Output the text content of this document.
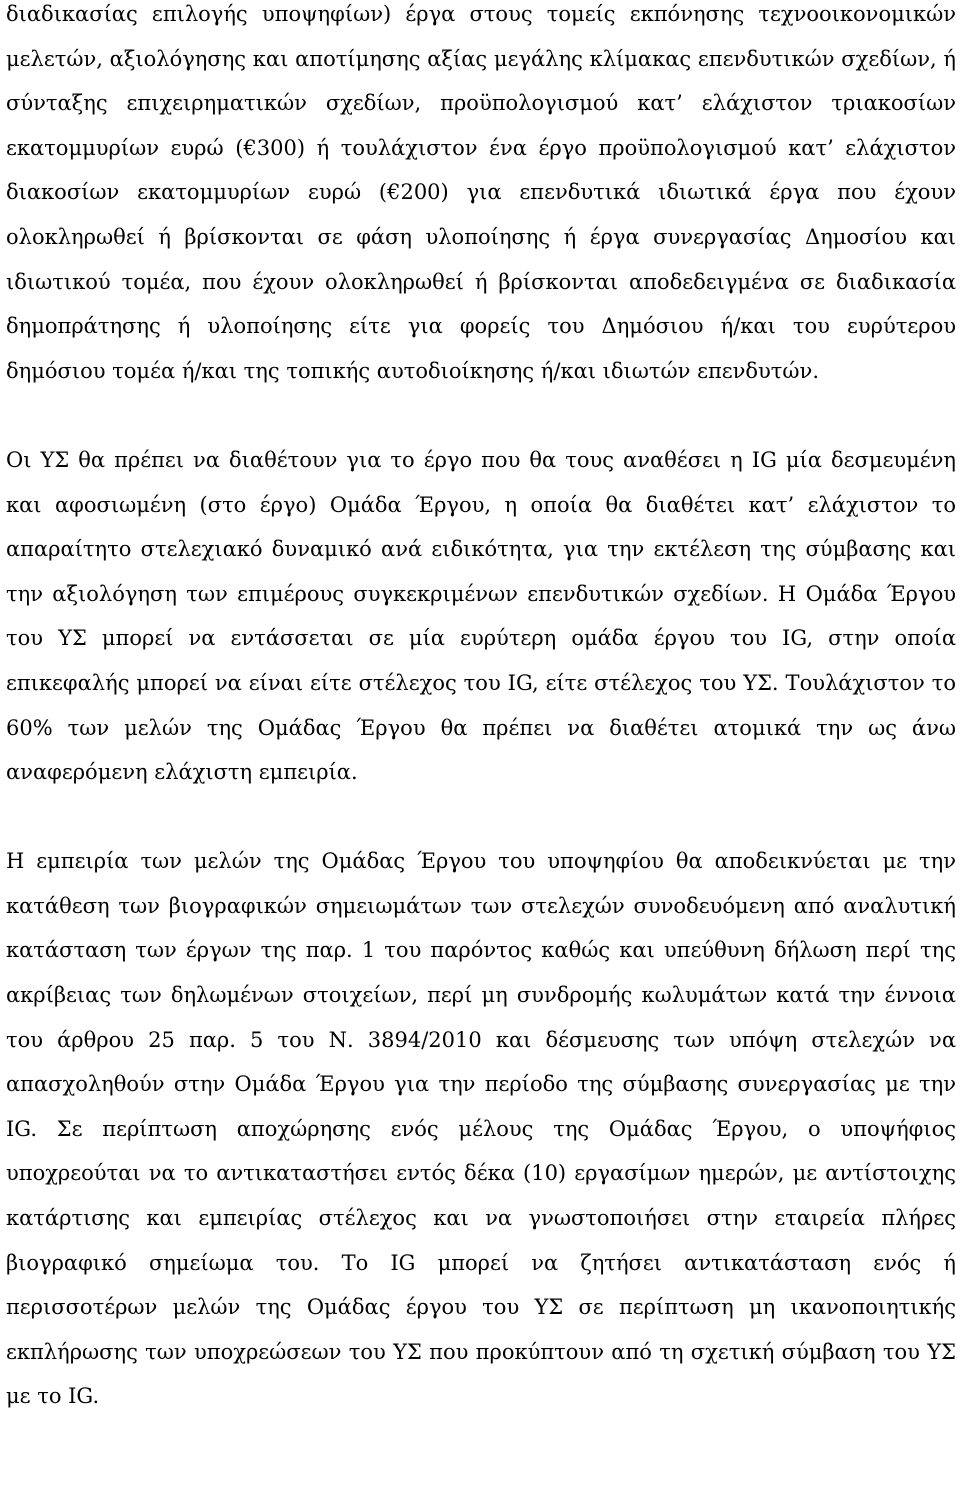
διαδικασίας επιλογής υποψηφίων) έργα στους τομείς εκπόνησης τεχνοοικονομικών μελετών, αξιολόγησης και αποτίμησης αξίας μεγάλης κλίμακας επενδυτικών σχεδίων, ή σύνταξης επιχειρηματικών σχεδίων, προϋπολογισμού κατ’ ελάχιστον τριακοσίων εκατομμυρίων ευρώ (€300) ή τουλάχιστον ένα έργο προϋπολογισμού κατ’ ελάχιστον διακοσίων εκατομμυρίων ευρώ (€200) για επενδυτικά ιδιωτικά έργα που έχουν ολοκληρωθεί ή βρίσκονται σε φάση υλοποίησης ή έργα συνεργασίας Δημοσίου και ιδιωτικού τομέα, που έχουν ολοκληρωθεί ή βρίσκονται αποδεδειγμένα σε διαδικασία δημοπράτησης ή υλοποίησης είτε για φορείς του Δημόσιου ή/και του ευρύτερου δημόσιου τομέα ή/και της τοπικής αυτοδιοίκησης ή/και ιδιωτών επενδυτών.

Οι ΥΣ θα πρέπει να διαθέτουν για το έργο που θα τους αναθέσει η IG μία δεσμευμένη και αφοσιωμένη (στο έργο) Ομάδα Έργου, η οποία θα διαθέτει κατ’ ελάχιστον το απαραίτητο στελεχιακό δυναμικό ανά ειδικότητα, για την εκτέλεση της σύμβασης και την αξιολόγηση των επιμέρους συγκεκριμένων επενδυτικών σχεδίων. Η Ομάδα Έργου του ΥΣ μπορεί να εντάσσεται σε μία ευρύτερη ομάδα έργου του IG, στην οποία επικεφαλής μπορεί να είναι είτε στέλεχος του IG, είτε στέλεχος του ΥΣ. Τουλάχιστον το 60% των μελών της Ομάδας Έργου θα πρέπει να διαθέτει ατομικά την ως άνω αναφερόμενη ελάχιστη εμπειρία.

Η εμπειρία των μελών της Ομάδας Έργου του υποψηφίου θα αποδεικνύεται με την κατάθεση των βιογραφικών σημειωμάτων των στελεχών συνοδευόμενη από αναλυτική κατάσταση των έργων της παρ. 1 του παρόντος καθώς και υπεύθυνη δήλωση περί της ακρίβειας των δηλωμένων στοιχείων, περί μη συνδρομής κωλυμάτων κατά την έννοια του άρθρου 25 παρ. 5 του Ν. 3894/2010 και δέσμευσης των υπόψη στελεχών να απασχοληθούν στην Ομάδα Έργου για την περίοδο της σύμβασης συνεργασίας με την IG. Σε περίπτωση αποχώρησης ενός μέλους της Ομάδας Έργου, ο υποψήφιος υποχρεούται να το αντικαταστήσει εντός δέκα (10) εργασίμων ημερών, με αντίστοιχης κατάρτισης και εμπειρίας στέλεχος και να γνωστοποιήσει στην εταιρεία πλήρες βιογραφικό σημείωμα του. Το IG μπορεί να ζητήσει αντικατάσταση ενός ή περισσοτέρων μελών της Ομάδας έργου του ΥΣ σε περίπτωση μη ικανοποιητικής εκπλήρωσης των υποχρεώσεων του ΥΣ που προκύπτουν από τη σχετική σύμβαση του ΥΣ με το IG.
